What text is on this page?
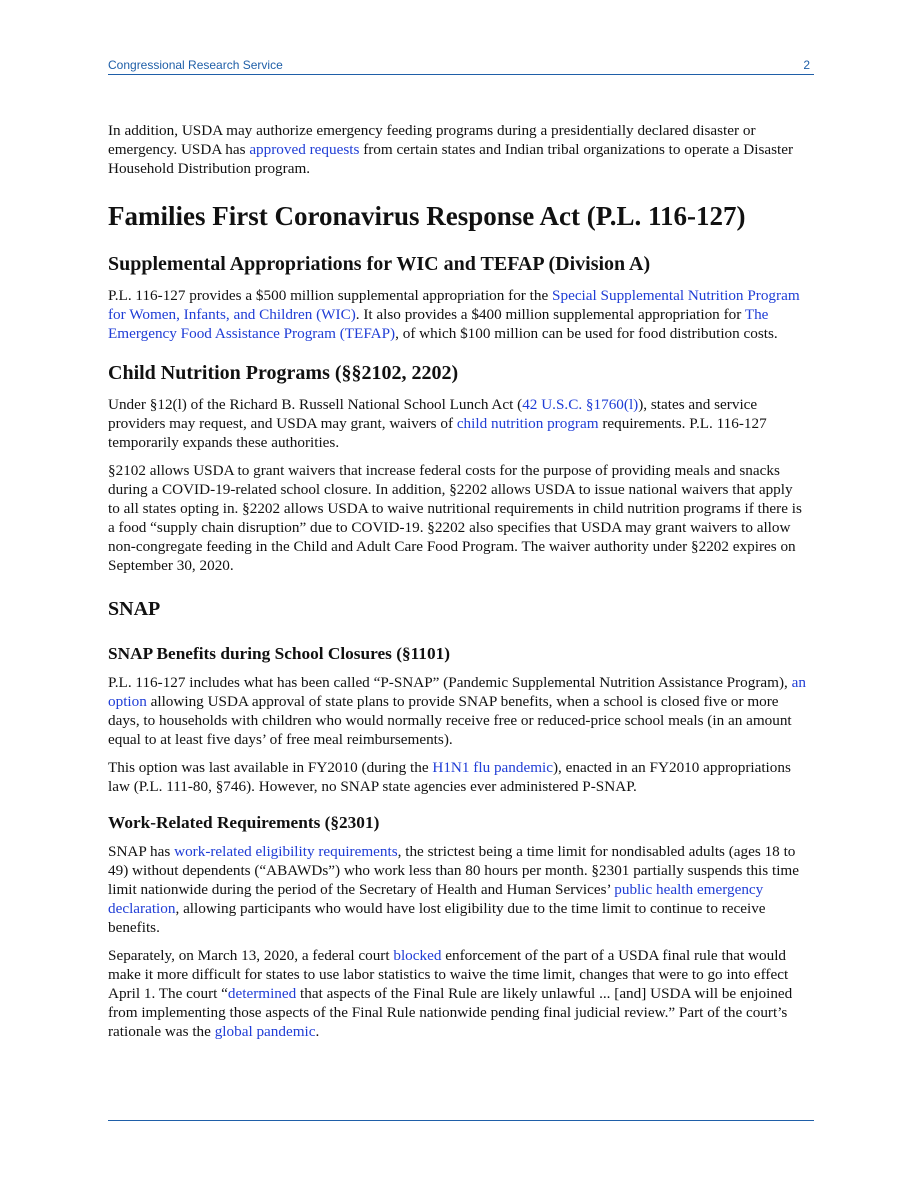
Congressional Research Service	2

In addition, USDA may authorize emergency feeding programs during a presidentially declared disaster or emergency. USDA has approved requests from certain states and Indian tribal organizations to operate a Disaster Household Distribution program.

Families First Coronavirus Response Act (P.L. 116-127)
Supplemental Appropriations for WIC and TEFAP (Division A)

P.L. 116-127 provides a $500 million supplemental appropriation for the Special Supplemental Nutrition Program for Women, Infants, and Children (WIC). It also provides a $400 million supplemental appropriation for The Emergency Food Assistance Program (TEFAP), of which $100 million can be used for food distribution costs.

Child Nutrition Programs (§§2102, 2202)

Under §12(l) of the Richard B. Russell National School Lunch Act (42 U.S.C. §1760(l)), states and service providers may request, and USDA may grant, waivers of child nutrition program requirements. P.L. 116-127 temporarily expands these authorities.

§2102 allows USDA to grant waivers that increase federal costs for the purpose of providing meals and snacks during a COVID-19-related school closure. In addition, §2202 allows USDA to issue national waivers that apply to all states opting in. §2202 allows USDA to waive nutritional requirements in child nutrition programs if there is a food “supply chain disruption” due to COVID-19. §2202 also specifies that USDA may grant waivers to allow non-congregate feeding in the Child and Adult Care Food Program. The waiver authority under §2202 expires on September 30, 2020.

SNAP
SNAP Benefits during School Closures (§1101)

P.L. 116-127 includes what has been called “P-SNAP” (Pandemic Supplemental Nutrition Assistance Program), an option allowing USDA approval of state plans to provide SNAP benefits, when a school is closed five or more days, to households with children who would normally receive free or reduced-price school meals (in an amount equal to at least five days’ of free meal reimbursements).

This option was last available in FY2010 (during the H1N1 flu pandemic), enacted in an FY2010 appropriations law (P.L. 111-80, §746). However, no SNAP state agencies ever administered P-SNAP.

Work-Related Requirements (§2301)

SNAP has work-related eligibility requirements, the strictest being a time limit for nondisabled adults (ages 18 to 49) without dependents (“ABAWDs”) who work less than 80 hours per month. §2301 partially suspends this time limit nationwide during the period of the Secretary of Health and Human Services’ public health emergency declaration, allowing participants who would have lost eligibility due to the time limit to continue to receive benefits.

Separately, on March 13, 2020, a federal court blocked enforcement of the part of a USDA final rule that would make it more difficult for states to use labor statistics to waive the time limit, changes that were to go into effect April 1. The court “determined that aspects of the Final Rule are likely unlawful ... [and] USDA will be enjoined from implementing those aspects of the Final Rule nationwide pending final judicial review.” Part of the court’s rationale was the global pandemic.
